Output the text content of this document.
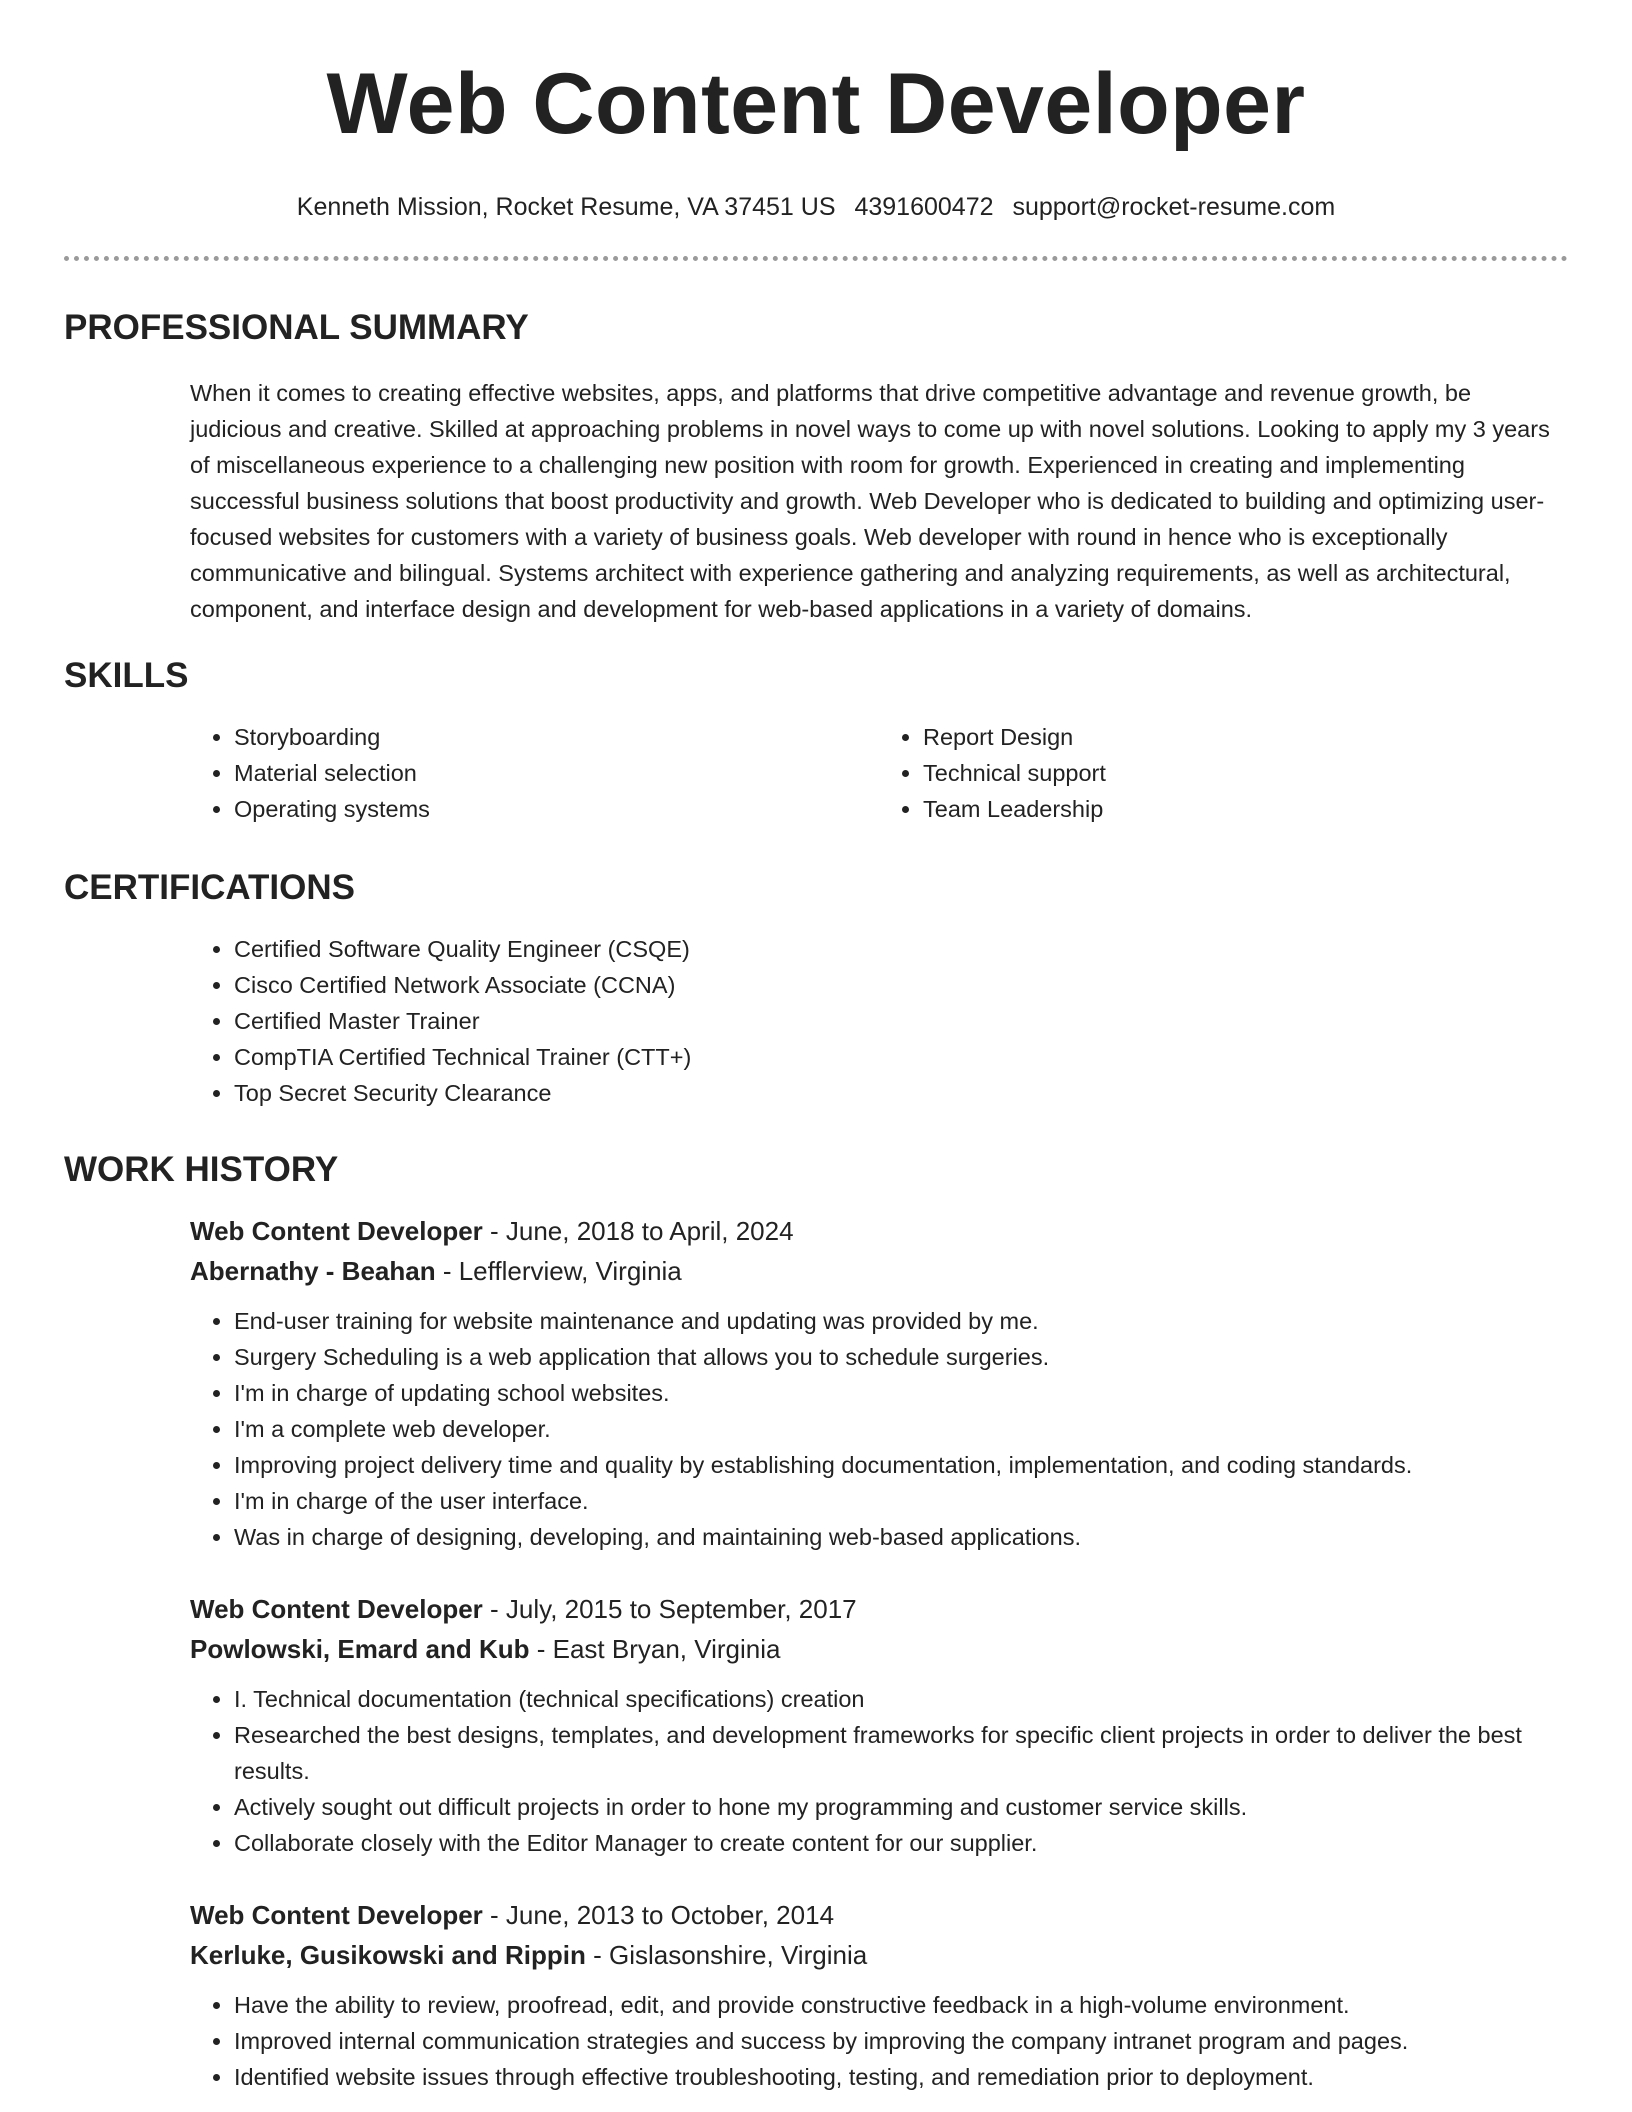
Web Content Developer
Kenneth Mission, Rocket Resume, VA 37451 US 4391600472 support@rocket-resume.com
PROFESSIONAL SUMMARY

When it comes to creating effective websites, apps, and platforms that drive competitive advantage and revenue growth, be judicious and creative. Skilled at approaching problems in novel ways to come up with novel solutions. Looking to apply my 3 years of miscellaneous experience to a challenging new position with room for growth. Experienced in creating and implementing successful business solutions that boost productivity and growth. Web Developer who is dedicated to building and optimizing user-focused websites for customers with a variety of business goals. Web developer with round in hence who is exceptionally communicative and bilingual. Systems architect with experience gathering and analyzing requirements, as well as architectural, component, and interface design and development for web-based applications in a variety of domains.

SKILLS
• Storyboarding
• Material selection
• Operating systems
• Report Design
• Technical support
• Team Leadership
CERTIFICATIONS
• Certified Software Quality Engineer (CSQE)
• Cisco Certified Network Associate (CCNA)
• Certified Master Trainer
• CompTIA Certified Technical Trainer (CTT+)
• Top Secret Security Clearance
WORK HISTORY
Web Content Developer - June, 2018 to April, 2024
Abernathy - Beahan - Lefflerview, Virginia
• End-user training for website maintenance and updating was provided by me.
• Surgery Scheduling is a web application that allows you to schedule surgeries.
• I'm in charge of updating school websites.
• I'm a complete web developer.
• Improving project delivery time and quality by establishing documentation, implementation, and coding standards.
• I'm in charge of the user interface.
• Was in charge of designing, developing, and maintaining web-based applications.
Web Content Developer - July, 2015 to September, 2017
Powlowski, Emard and Kub - East Bryan, Virginia
• I. Technical documentation (technical specifications) creation
• Researched the best designs, templates, and development frameworks for specific client projects in order to deliver the best results.
• Actively sought out difficult projects in order to hone my programming and customer service skills.
• Collaborate closely with the Editor Manager to create content for our supplier.
Web Content Developer - June, 2013 to October, 2014
Kerluke, Gusikowski and Rippin - Gislasonshire, Virginia
• Have the ability to review, proofread, edit, and provide constructive feedback in a high-volume environment.
• Improved internal communication strategies and success by improving the company intranet program and pages.
• Identified website issues through effective troubleshooting, testing, and remediation prior to deployment.
